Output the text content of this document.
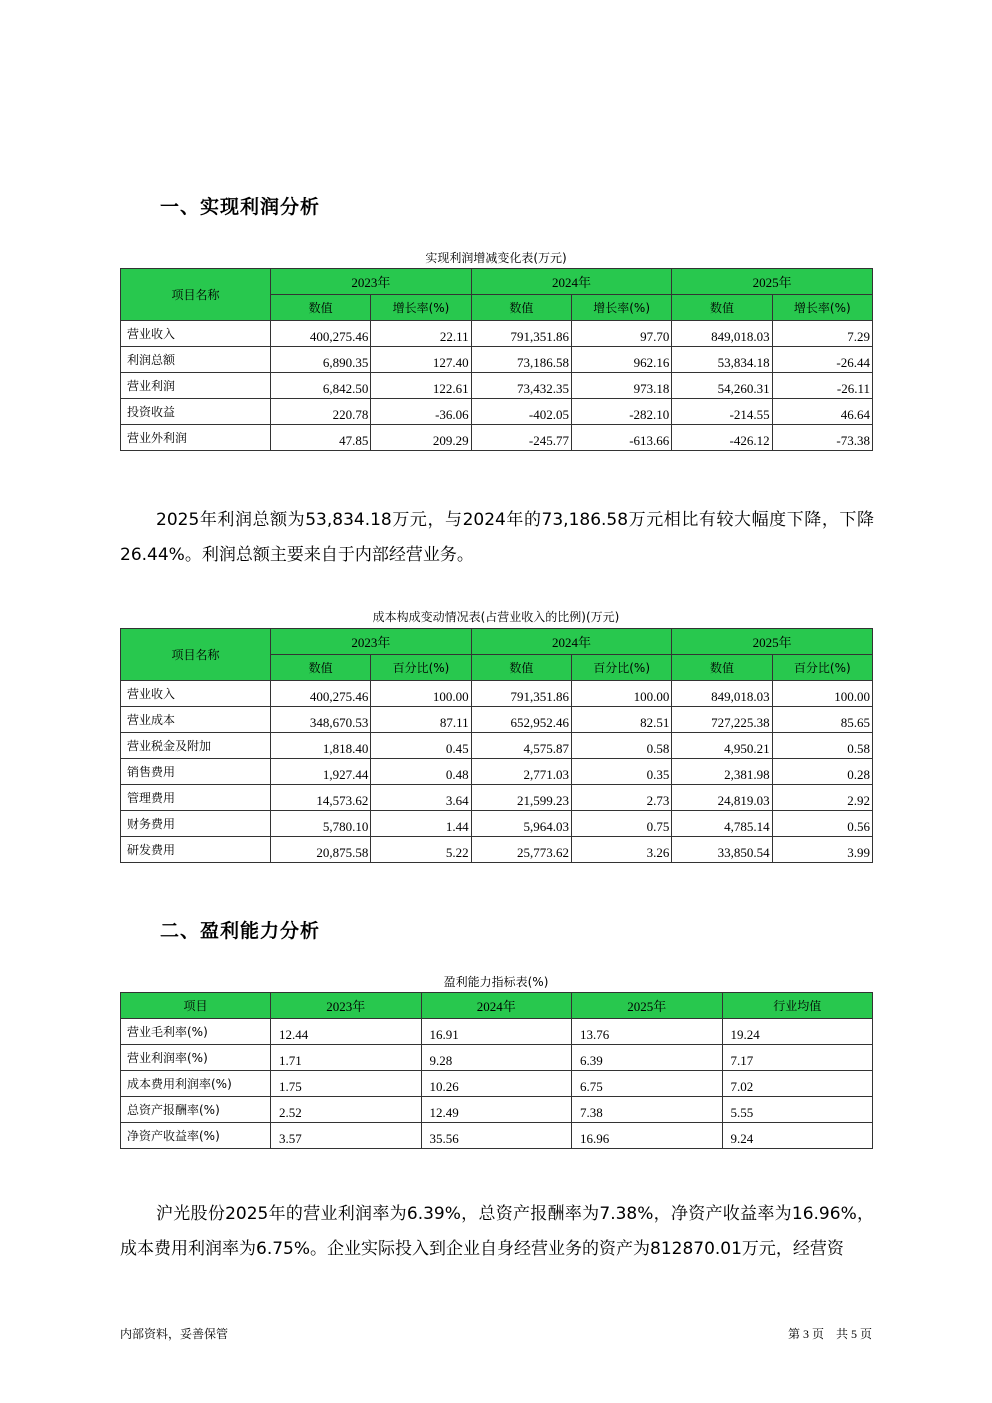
一、实现利润分析
实现利润增减变化表(万元)
项目名称	2023年		2024年		2025年	
	数值	增长率(%)	数值	增长率(%)	数值	增长率(%)
营业收入	400,275.46	22.11	791,351.86	97.70	849,018.03	7.29
利润总额	6,890.35	127.40	73,186.58	962.16	53,834.18	-26.44
营业利润	6,842.50	122.61	73,432.35	973.18	54,260.31	-26.11
投资收益	220.78	-36.06	-402.05	-282.10	-214.55	46.64
营业外利润	47.85	209.29	-245.77	-613.66	-426.12	-73.38

2025年利润总额为53,834.18万元，与2024年的73,186.58万元相比有较大幅度下降，下降26.44%。利润总额主要来自于内部经营业务。

成本构成变动情况表(占营业收入的比例)(万元)
项目名称	2023年		2024年		2025年	
	数值	百分比(%)	数值	百分比(%)	数值	百分比(%)
营业收入	400,275.46	100.00	791,351.86	100.00	849,018.03	100.00
营业成本	348,670.53	87.11	652,952.46	82.51	727,225.38	85.65
营业税金及附加	1,818.40	0.45	4,575.87	0.58	4,950.21	0.58
销售费用	1,927.44	0.48	2,771.03	0.35	2,381.98	0.28
管理费用	14,573.62	3.64	21,599.23	2.73	24,819.03	2.92
财务费用	5,780.10	1.44	5,964.03	0.75	4,785.14	0.56
研发费用	20,875.58	5.22	25,773.62	3.26	33,850.54	3.99
二、盈利能力分析
盈利能力指标表(%)
项目	2023年	2024年	2025年	行业均值
营业毛利率(%)	12.44	16.91	13.76	19.24
营业利润率(%)	1.71	9.28	6.39	7.17
成本费用利润率(%)	1.75	10.26	6.75	7.02
总资产报酬率(%)	2.52	12.49	7.38	5.55
净资产收益率(%)	3.57	35.56	16.96	9.24

沪光股份2025年的营业利润率为6.39%，总资产报酬率为7.38%，净资产收益率为16.96%，成本费用利润率为6.75%。企业实际投入到企业自身经营业务的资产为812870.01万元，经营资

内部资料，妥善保管	第 3 页　共 5 页
